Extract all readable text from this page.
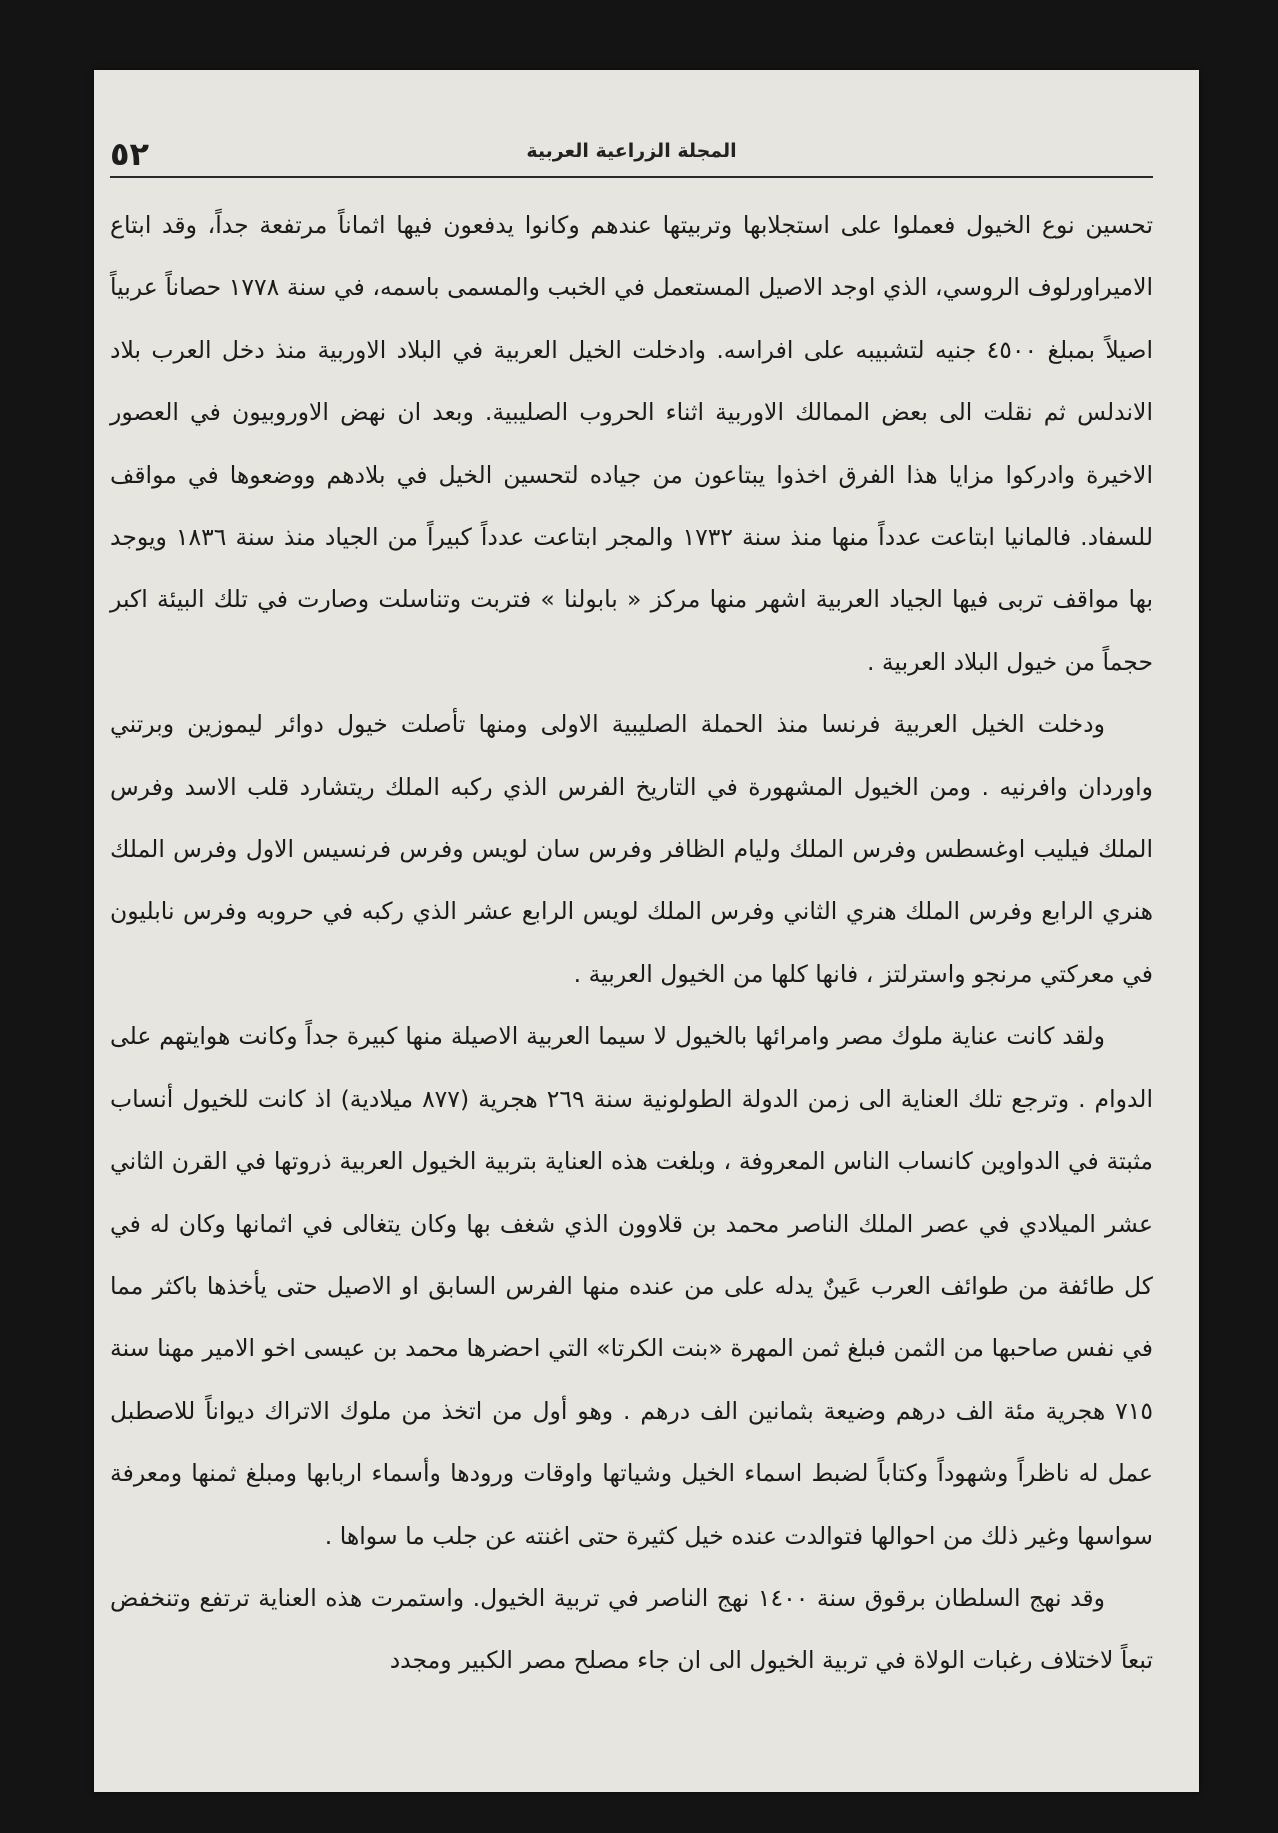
٥٢	المجلة الزراعية العربية

تحسين نوع الخيول فعملوا على استجلابها وتربيتها عندهم وكانوا يدفعون فيها اثماناً مرتفعة جداً، وقد ابتاع الاميراورلوف الروسي، الذي اوجد الاصيل المستعمل في الخبب والمسمى باسمه، في سنة ١٧٧٨ حصاناً عربياً اصيلاً بمبلغ ٤٥٠٠ جنيه لتشبيبه على افراسه. وادخلت الخيل العربية في البلاد الاوربية منذ دخل العرب بلاد الاندلس ثم نقلت الى بعض الممالك الاوربية اثناء الحروب الصليبية. وبعد ان نهض الاوروبيون في العصور الاخيرة وادركوا مزايا هذا الفرق اخذوا يبتاعون من جياده لتحسين الخيل في بلادهم ووضعوها في مواقف للسفاد. فالمانيا ابتاعت عدداً منها منذ سنة ١٧٣٢ والمجر ابتاعت عدداً كبيراً من الجياد منذ سنة ١٨٣٦ ويوجد بها مواقف تربى فيها الجياد العربية اشهر منها مركز « بابولنا » فتربت وتناسلت وصارت في تلك البيئة اكبر حجماً من خيول البلاد العربية .

ودخلت الخيل العربية فرنسا منذ الحملة الصليبية الاولى ومنها تأصلت خيول دوائر ليموزين وبرتني واوردان وافرنيه . ومن الخيول المشهورة في التاريخ الفرس الذي ركبه الملك ريتشارد قلب الاسد وفرس الملك فيليب اوغسطس وفرس الملك وليام الظافر وفرس سان لويس وفرس فرنسيس الاول وفرس الملك هنري الرابع وفرس الملك هنري الثاني وفرس الملك لويس الرابع عشر الذي ركبه في حروبه وفرس نابليون في معركتي مرنجو واسترلتز ، فانها كلها من الخيول العربية .

ولقد كانت عناية ملوك مصر وامرائها بالخيول لا سيما العربية الاصيلة منها كبيرة جداً وكانت هوايتهم على الدوام . وترجع تلك العناية الى زمن الدولة الطولونية سنة ٢٦٩ هجرية (٨٧٧ ميلادية) اذ كانت للخيول أنساب مثبتة في الدواوين كانساب الناس المعروفة ، وبلغت هذه العناية بتربية الخيول العربية ذروتها في القرن الثاني عشر الميلادي في عصر الملك الناصر محمد بن قلاوون الذي شغف بها وكان يتغالى في اثمانها وكان له في كل طائفة من طوائف العرب عَينٌ يدله على من عنده منها الفرس السابق او الاصيل حتى يأخذها باكثر مما في نفس صاحبها من الثمن فبلغ ثمن المهرة «بنت الكرتا» التي احضرها محمد بن عيسى اخو الامير مهنا سنة ٧١٥ هجرية مئة الف درهم وضيعة بثمانين الف درهم . وهو أول من اتخذ من ملوك الاتراك ديواناً للاصطبل عمل له ناظراً وشهوداً وكتاباً لضبط اسماء الخيل وشياتها واوقات ورودها وأسماء اربابها ومبلغ ثمنها ومعرفة سواسها وغير ذلك من احوالها فتوالدت عنده خيل كثيرة حتى اغنته عن جلب ما سواها .

وقد نهج السلطان برقوق سنة ١٤٠٠ نهج الناصر في تربية الخيول. واستمرت هذه العناية ترتفع وتنخفض تبعاً لاختلاف رغبات الولاة في تربية الخيول الى ان جاء مصلح مصر الكبير ومجدد
